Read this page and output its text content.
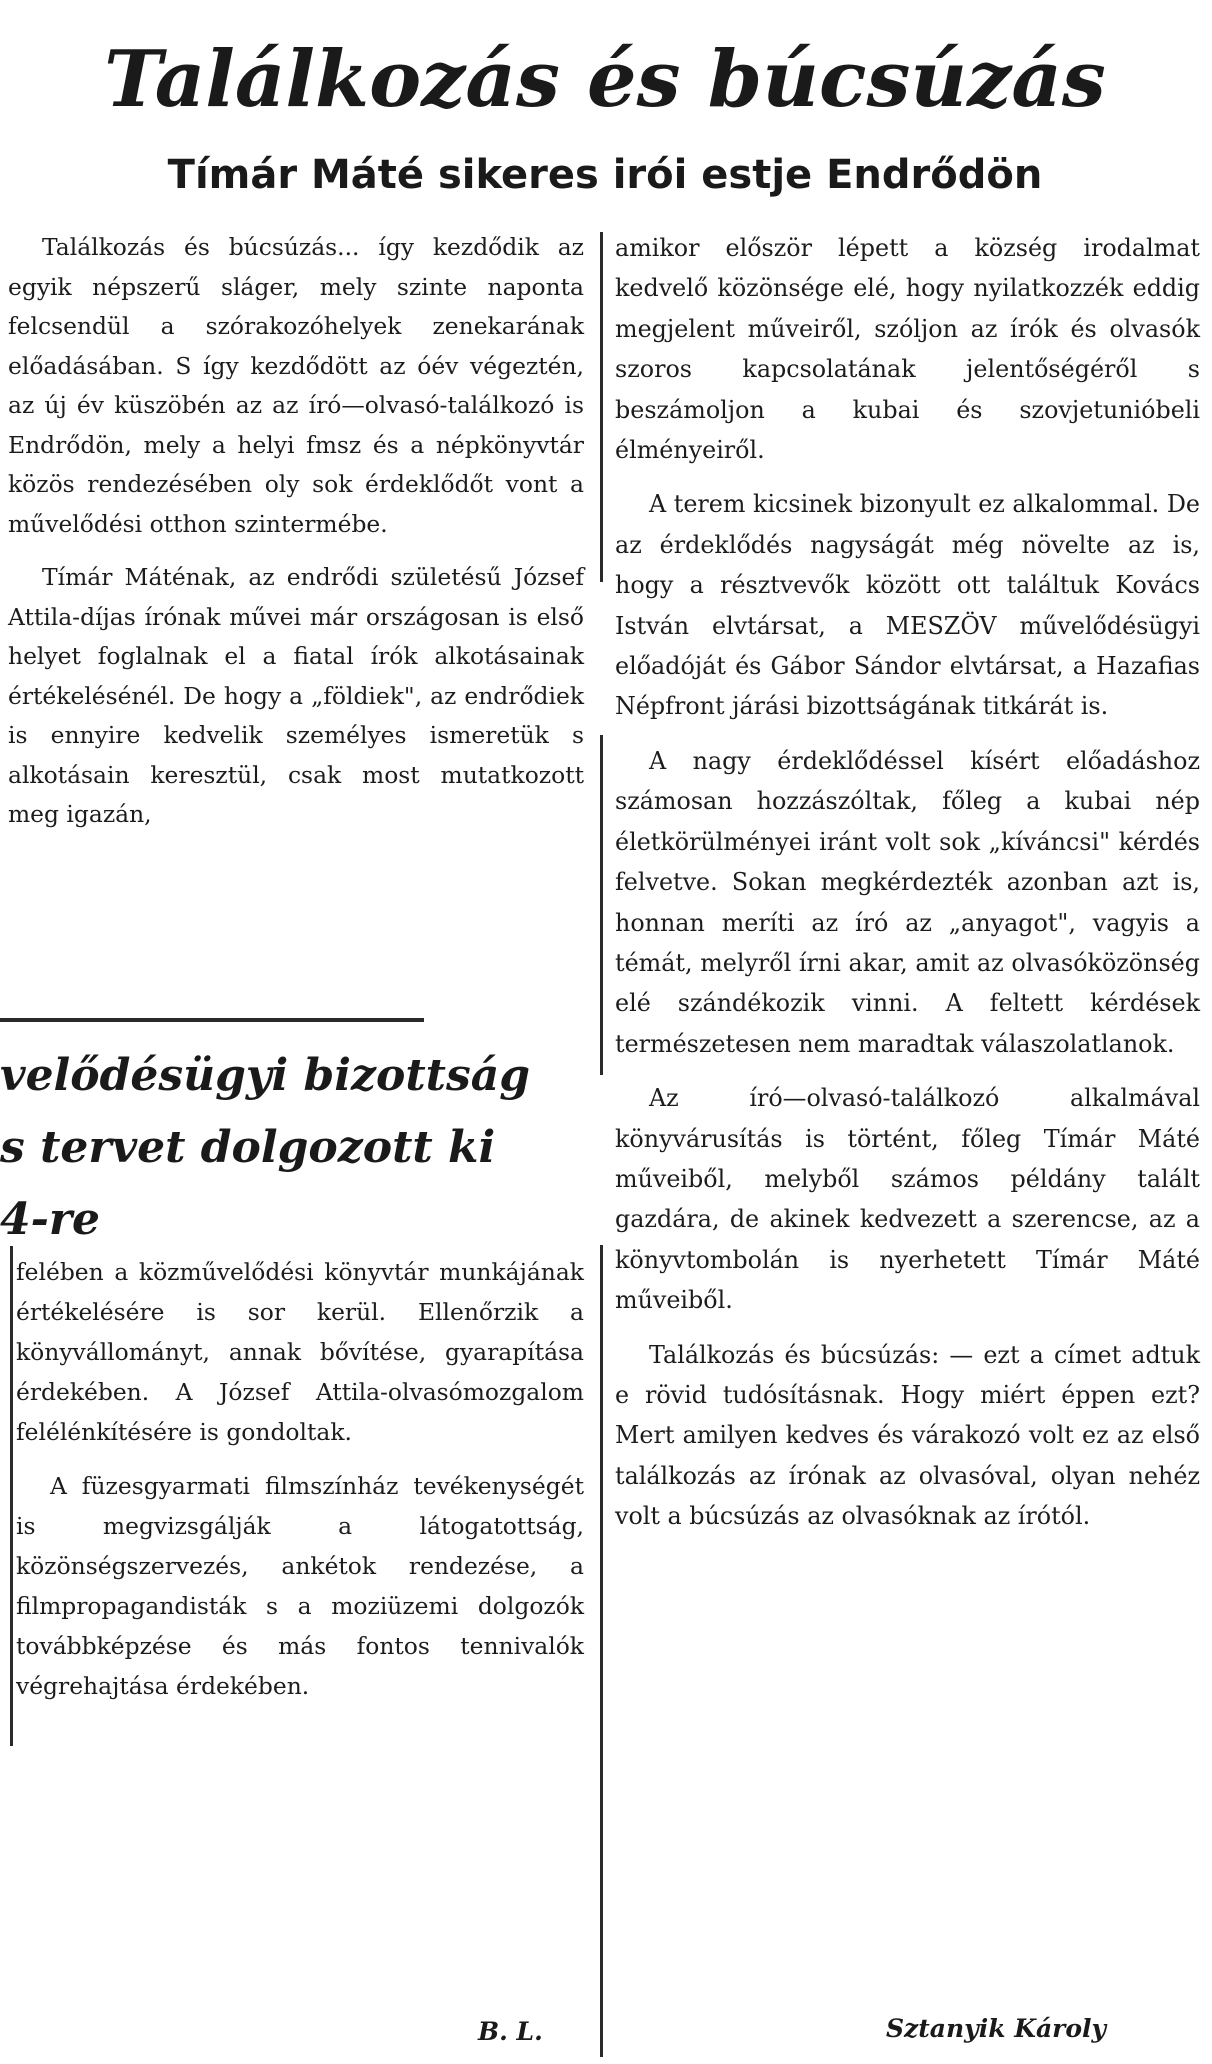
Találkozás és búcsúzás
Tímár Máté sikeres irói estje Endrődön

Találkozás és búcsúzás... így kezdődik az egyik népszerű sláger, mely szinte naponta felcsendül a szórakozóhelyek zenekarának előadásában. S így kezdődött az óév végeztén, az új év küszöbén az az író—olvasó-találkozó is Endrődön, mely a helyi fmsz és a népkönyvtár közös rendezésében oly sok érdeklődőt vont a művelődési otthon szintermébe.

Tímár Máténak, az endrődi születésű József Attila-díjas írónak művei már országosan is első helyet foglalnak el a fiatal írók alkotásainak értékelésénél. De hogy a „földiek", az endrődiek is ennyire kedvelik személyes ismeretük s alkotásain keresztül, csak most mutatkozott meg igazán,

velődésügyi bizottság
s tervet dolgozott ki
4-re

felében a közművelődési könyvtár munkájának értékelésére is sor kerül. Ellenőrzik a könyvállományt, annak bővítése, gyarapítása érdekében. A József Attila-olvasómozgalom felélénkítésére is gondoltak.

A füzesgyarmati filmszínház tevékenységét is megvizsgálják a látogatottság, közönségszervezés, ankétok rendezése, a filmpropagandisták s a moziüzemi dolgozók továbbképzése és más fontos tennivalók végrehajtása érdekében.

B. L.

amikor először lépett a község irodalmat kedvelő közönsége elé, hogy nyilatkozzék eddig megjelent műveiről, szóljon az írók és olvasók szoros kapcsolatának jelentőségéről s beszámoljon a kubai és szovjetunióbeli élményeiről.

A terem kicsinek bizonyult ez alkalommal. De az érdeklődés nagyságát még növelte az is, hogy a résztvevők között ott találtuk Kovács István elvtársat, a MESZÖV művelődésügyi előadóját és Gábor Sándor elvtársat, a Hazafias Népfront járási bizottságának titkárát is.

A nagy érdeklődéssel kísért előadáshoz számosan hozzászóltak, főleg a kubai nép életkörülményei iránt volt sok „kíváncsi" kérdés felvetve. Sokan megkérdezték azonban azt is, honnan meríti az író az „anyagot", vagyis a témát, melyről írni akar, amit az olvasóközönség elé szándékozik vinni. A feltett kérdések természetesen nem maradtak válaszolatlanok.

Az író—olvasó-találkozó alkalmával könyvárusítás is történt, főleg Tímár Máté műveiből, melyből számos példány talált gazdára, de akinek kedvezett a szerencse, az a könyvtombolán is nyerhetett Tímár Máté műveiből.

Találkozás és búcsúzás: — ezt a címet adtuk e rövid tudósításnak. Hogy miért éppen ezt? Mert amilyen kedves és várakozó volt ez az első találkozás az írónak az olvasóval, olyan nehéz volt a búcsúzás az olvasóknak az írótól.

Sztanyik Károly
